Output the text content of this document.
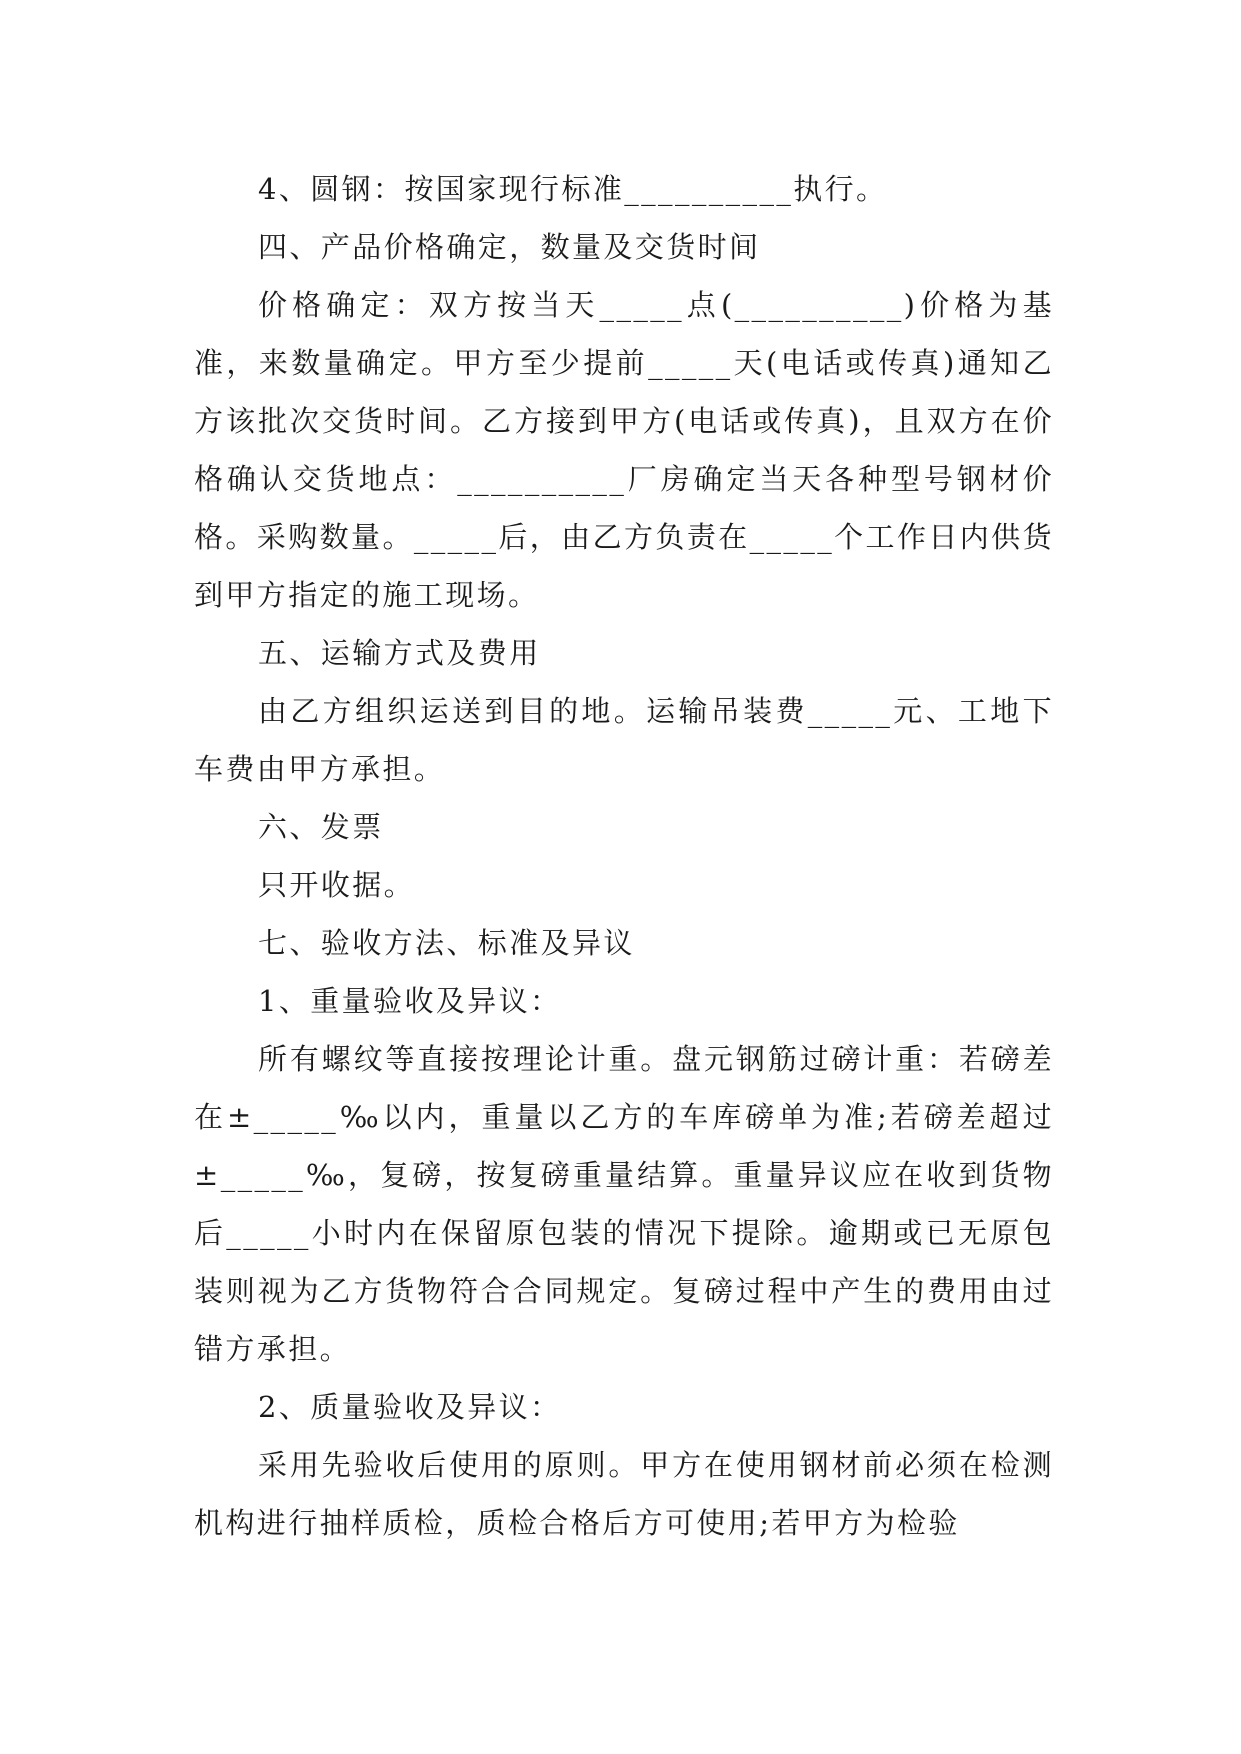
4、圆钢：按国家现行标准__________执行。

四、产品价格确定，数量及交货时间

价格确定：双方按当天_____点(__________)价格为基准，来数量确定。甲方至少提前_____天(电话或传真)通知乙方该批次交货时间。乙方接到甲方(电话或传真)，且双方在价格确认交货地点：__________厂房确定当天各种型号钢材价格。采购数量。_____后，由乙方负责在_____个工作日内供货到甲方指定的施工现场。

五、运输方式及费用

由乙方组织运送到目的地。运输吊装费_____元、工地下车费由甲方承担。

六、发票

只开收据。

七、验收方法、标准及异议

1、重量验收及异议：

所有螺纹等直接按理论计重。盘元钢筋过磅计重：若磅差在±_____‰以内，重量以乙方的车库磅单为准;若磅差超过±_____‰，复磅，按复磅重量结算。重量异议应在收到货物后_____小时内在保留原包装的情况下提除。逾期或已无原包装则视为乙方货物符合合同规定。复磅过程中产生的费用由过错方承担。

2、质量验收及异议：

采用先验收后使用的原则。甲方在使用钢材前必须在检测机构进行抽样质检，质检合格后方可使用;若甲方为检验
